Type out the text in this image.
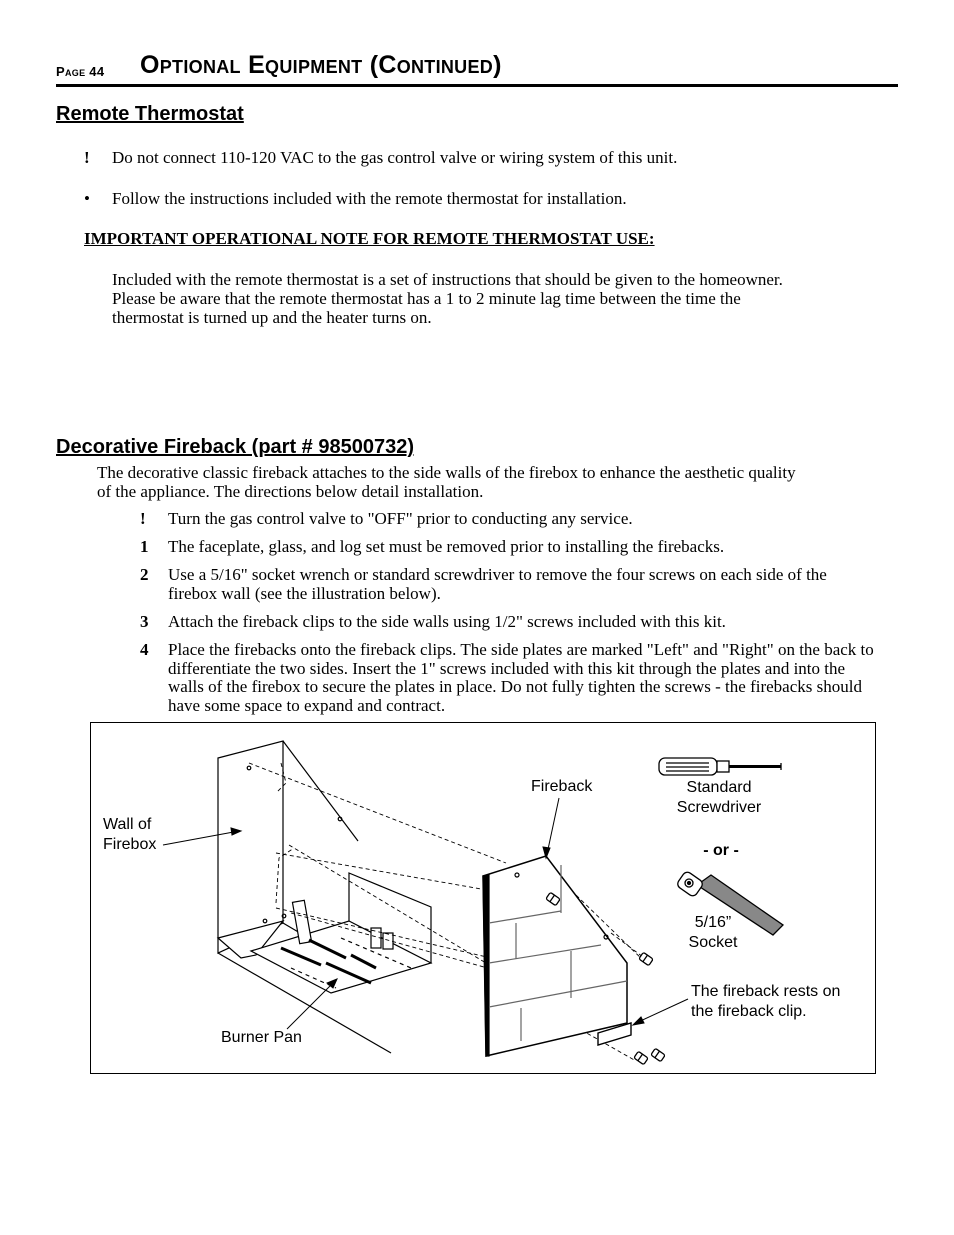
Page 44 Optional Equipment (Continued)
Remote Thermostat
! Do not connect 110-120 VAC to the gas control valve or wiring system of this unit.
• Follow the instructions included with the remote thermostat for installation.
IMPORTANT OPERATIONAL NOTE FOR REMOTE THERMOSTAT USE:
Included with the remote thermostat is a set of instructions that should be given to the homeowner.
Please be aware that the remote thermostat has a 1 to 2 minute lag time between the time the
thermostat is turned up and the heater turns on.
Decorative Fireback (part # 98500732)
The decorative classic fireback attaches to the side walls of the firebox to enhance the aesthetic quality
of the appliance. The directions below detail installation.
! Turn the gas control valve to "OFF" prior to conducting any service.
1 The faceplate, glass, and log set must be removed prior to installing the firebacks.
2 Use a 5/16" socket wrench or standard screwdriver to remove the four screws on each side of the firebox wall (see the illustration below).
3 Attach the fireback clips to the side walls using 1/2" screws included with this kit.
4 Place the firebacks onto the fireback clips. The side plates are marked "Left" and "Right" on the back to differentiate the two sides. Insert the 1" screws included with this kit through the plates and into the walls of the firebox to secure the plates in place. Do not fully tighten the screws - the firebacks should have some space to expand and contract.
Wall of
Firebox
Fireback	Standard
Screwdriver
- or -
5/16”
Socket
The fireback rests on
the fireback clip.
Burner Pan
